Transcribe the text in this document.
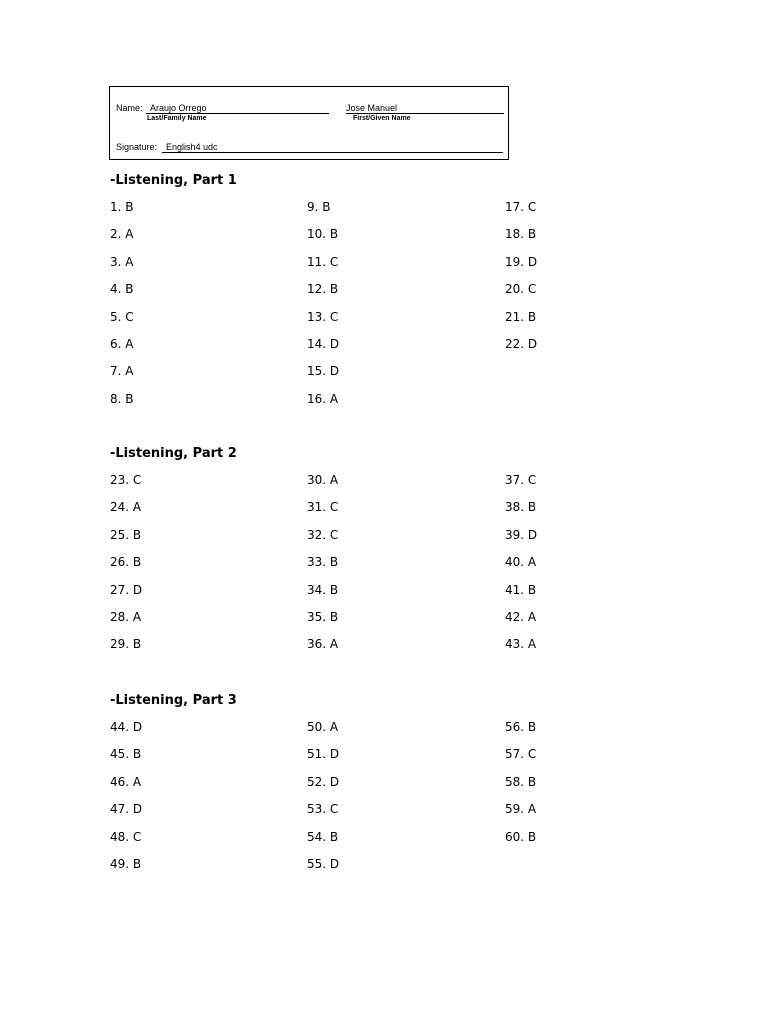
Name: Araujo Orrego
Last/Family Name
Jose Manuel
First/Given Name
Signature: English4 udc
-Listening, Part 1
1. B
2. A
3. A
4. B
5. C
6. A
7. A
8. B
9. B
10. B
11. C
12. B
13. C
14. D
15. D
16. A
17. C
18. B
19. D
20. C
21. B
22. D
-Listening, Part 2
23. C
24. A
25. B
26. B
27. D
28. A
29. B
30. A
31. C
32. C
33. B
34. B
35. B
36. A
37. C
38. B
39. D
40. A
41. B
42. A
43. A
-Listening, Part 3
44. D
45. B
46. A
47. D
48. C
49. B
50. A
51. D
52. D
53. C
54. B
55. D
56. B
57. C
58. B
59. A
60. B
